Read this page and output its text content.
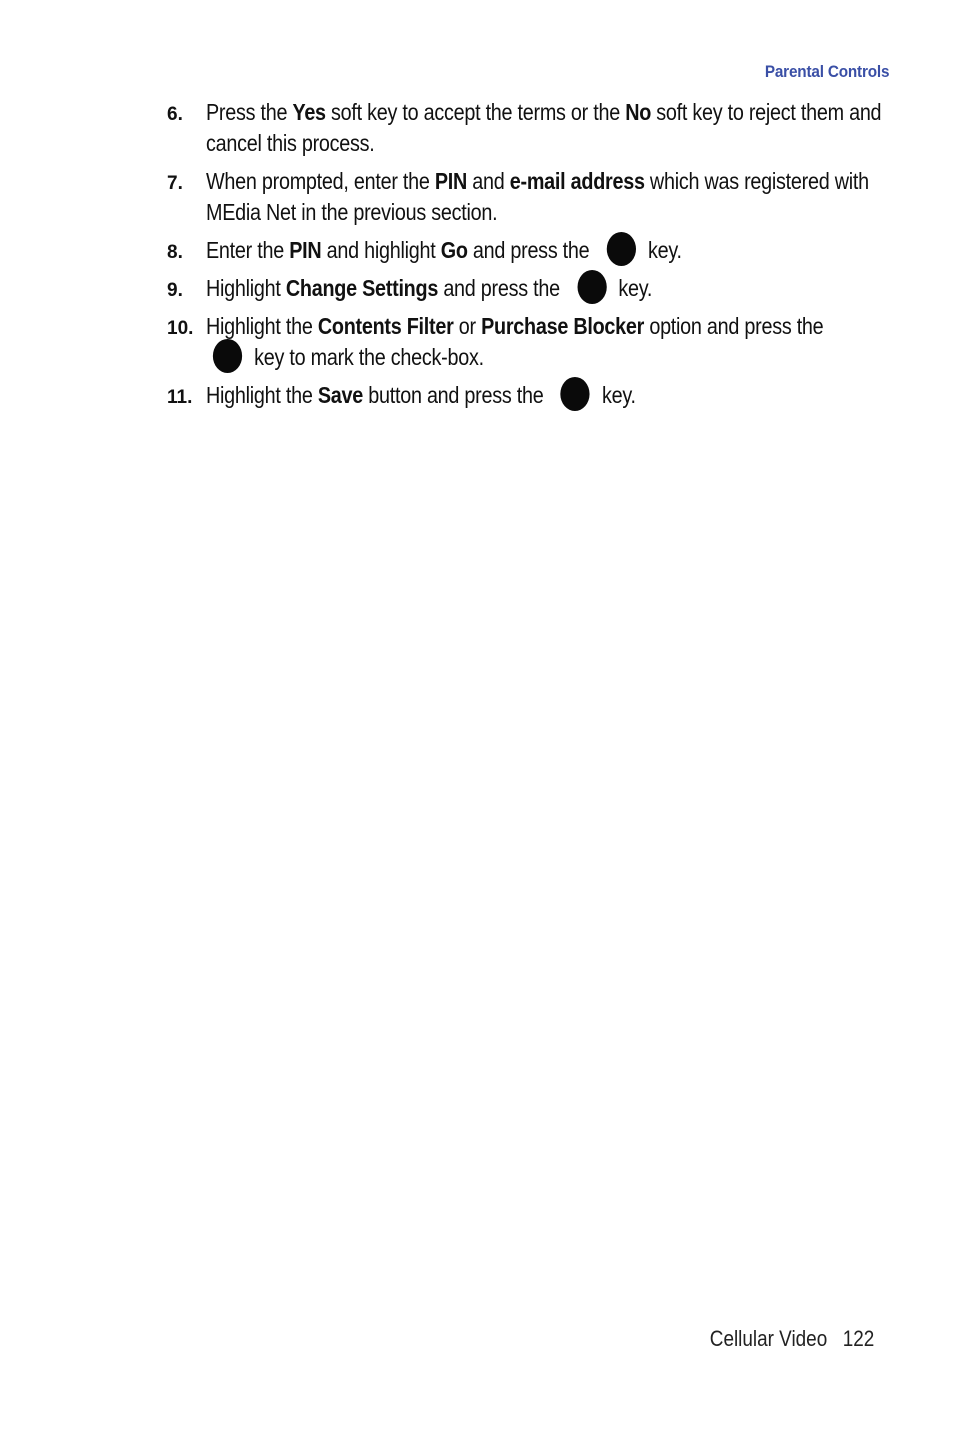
Parental Controls
6. Press the Yes soft key to accept the terms or the No soft key to reject them and cancel this process.
7. When prompted, enter the PIN and e-mail address which was registered with MEdia Net in the previous section.
8. Enter the PIN and highlight Go and press the key.
9. Highlight Change Settings and press the key.
10. Highlight the Contents Filter or Purchase Blocker option and press the
key to mark the check-box.
11. Highlight the Save button and press the key.
Cellular Video 122
